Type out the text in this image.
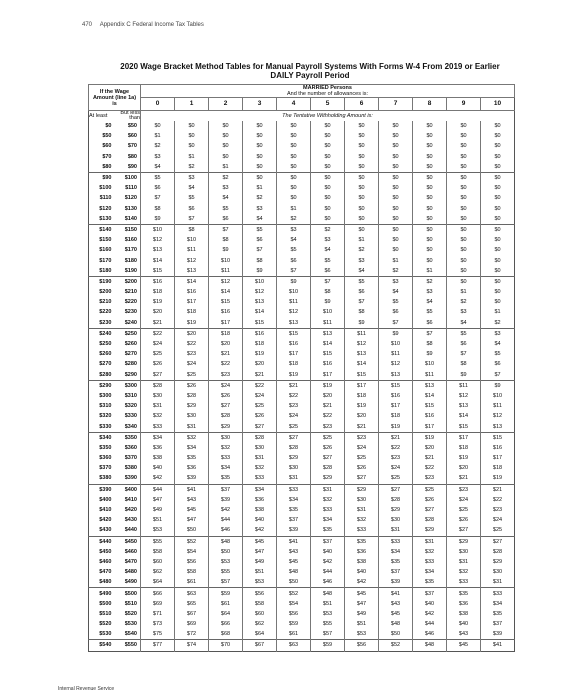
470 Appendix C Federal Income Tax Tables
2020 Wage Bracket Method Tables for Manual Payroll Systems With Forms W-4 From 2019 or Earlier
DAILY Payroll Period
If the Wage Amount (line 1a) is		MARRIED Persons
And the number of allowances is:										

		0	1	2	3	4	5	6	7	8	9	10
At least	But less than	The Tentative Withholding Amount is:										
$0	$50	$0	$0	$0	$0	$0	$0	$0	$0	$0	$0	$0
$50	$60	$1	$0	$0	$0	$0	$0	$0	$0	$0	$0	$0
$60	$70	$2	$0	$0	$0	$0	$0	$0	$0	$0	$0	$0
$70	$80	$3	$1	$0	$0	$0	$0	$0	$0	$0	$0	$0
$80	$90	$4	$2	$1	$0	$0	$0	$0	$0	$0	$0	$0
$90	$100	$5	$3	$2	$0	$0	$0	$0	$0	$0	$0	$0
$100	$110	$6	$4	$3	$1	$0	$0	$0	$0	$0	$0	$0
$110	$120	$7	$5	$4	$2	$0	$0	$0	$0	$0	$0	$0
$120	$130	$8	$6	$5	$3	$1	$0	$0	$0	$0	$0	$0
$130	$140	$9	$7	$6	$4	$2	$0	$0	$0	$0	$0	$0
$140	$150	$10	$8	$7	$5	$3	$2	$0	$0	$0	$0	$0
$150	$160	$12	$10	$8	$6	$4	$3	$1	$0	$0	$0	$0
$160	$170	$13	$11	$9	$7	$5	$4	$2	$0	$0	$0	$0
$170	$180	$14	$12	$10	$8	$6	$5	$3	$1	$0	$0	$0
$180	$190	$15	$13	$11	$9	$7	$6	$4	$2	$1	$0	$0
$190	$200	$16	$14	$12	$10	$9	$7	$5	$3	$2	$0	$0
$200	$210	$18	$16	$14	$12	$10	$8	$6	$4	$3	$1	$0
$210	$220	$19	$17	$15	$13	$11	$9	$7	$5	$4	$2	$0
$220	$230	$20	$18	$16	$14	$12	$10	$8	$6	$5	$3	$1
$230	$240	$21	$19	$17	$15	$13	$11	$9	$7	$6	$4	$2
$240	$250	$22	$20	$18	$16	$15	$13	$11	$9	$7	$5	$3
$250	$260	$24	$22	$20	$18	$16	$14	$12	$10	$8	$6	$4
$260	$270	$25	$23	$21	$19	$17	$15	$13	$11	$9	$7	$5
$270	$280	$26	$24	$22	$20	$18	$16	$14	$12	$10	$8	$6
$280	$290	$27	$25	$23	$21	$19	$17	$15	$13	$11	$9	$7
$290	$300	$28	$26	$24	$22	$21	$19	$17	$15	$13	$11	$9
$300	$310	$30	$28	$26	$24	$22	$20	$18	$16	$14	$12	$10
$310	$320	$31	$29	$27	$25	$23	$21	$19	$17	$15	$13	$11
$320	$330	$32	$30	$28	$26	$24	$22	$20	$18	$16	$14	$12
$330	$340	$33	$31	$29	$27	$25	$23	$21	$19	$17	$15	$13
$340	$350	$34	$32	$30	$28	$27	$25	$23	$21	$19	$17	$15
$350	$360	$36	$34	$32	$30	$28	$26	$24	$22	$20	$18	$16
$360	$370	$38	$35	$33	$31	$29	$27	$25	$23	$21	$19	$17
$370	$380	$40	$36	$34	$32	$30	$28	$26	$24	$22	$20	$18
$380	$390	$42	$39	$35	$33	$31	$29	$27	$25	$23	$21	$19
$390	$400	$44	$41	$37	$34	$33	$31	$29	$27	$25	$23	$21
$400	$410	$47	$43	$39	$36	$34	$32	$30	$28	$26	$24	$22
$410	$420	$49	$45	$42	$38	$35	$33	$31	$29	$27	$25	$23
$420	$430	$51	$47	$44	$40	$37	$34	$32	$30	$28	$26	$24
$430	$440	$53	$50	$46	$42	$39	$35	$33	$31	$29	$27	$25
$440	$450	$55	$52	$48	$45	$41	$37	$35	$33	$31	$29	$27
$450	$460	$58	$54	$50	$47	$43	$40	$36	$34	$32	$30	$28
$460	$470	$60	$56	$53	$49	$45	$42	$38	$35	$33	$31	$29
$470	$480	$62	$58	$55	$51	$48	$44	$40	$37	$34	$32	$30
$480	$490	$64	$61	$57	$53	$50	$46	$42	$39	$35	$33	$31
$490	$500	$66	$63	$59	$56	$52	$48	$45	$41	$37	$35	$33
$500	$510	$69	$65	$61	$58	$54	$51	$47	$43	$40	$36	$34
$510	$520	$71	$67	$64	$60	$56	$53	$49	$45	$42	$38	$35
$520	$530	$73	$69	$66	$62	$59	$55	$51	$48	$44	$40	$37
$530	$540	$75	$72	$68	$64	$61	$57	$53	$50	$46	$43	$39
$540	$550	$77	$74	$70	$67	$63	$59	$56	$52	$48	$45	$41
Internal Revenue Service
